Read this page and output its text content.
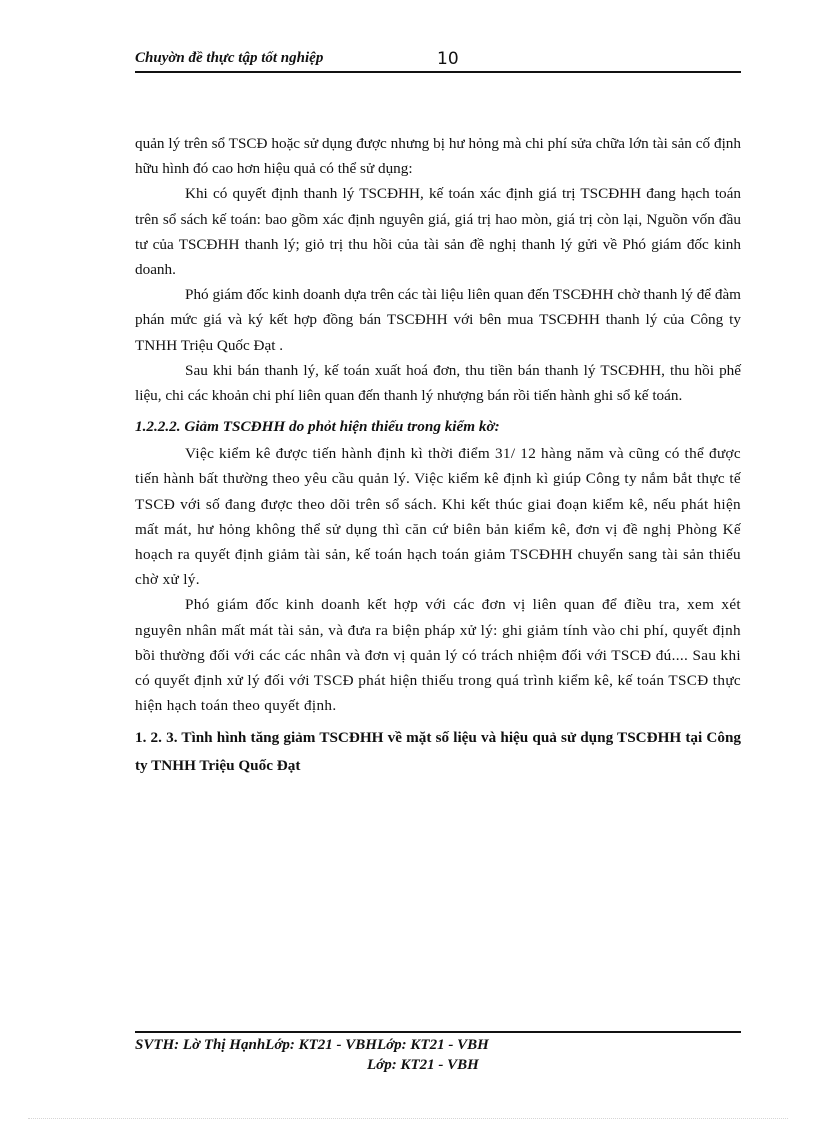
Chuyờn đề thực tập tốt nghiệp	10

quản lý trên sổ TSCĐ hoặc sử dụng được nhưng bị hư hỏng mà chi phí sửa chữa lớn tài sản cố định hữu hình đó cao hơn hiệu quả có thể sử dụng:

Khi có quyết định thanh lý TSCĐHH, kế toán xác định giá trị TSCĐHH đang hạch toán trên sổ sách kế toán: bao gồm xác định nguyên giá, giá trị hao mòn, giá trị còn lại, Nguồn vốn đầu tư của TSCĐHH thanh lý; giỏ trị thu hồi của tài sản đề nghị thanh lý gửi về Phó giám đốc kinh doanh.

Phó giám đốc kinh doanh dựa trên các tài liệu liên quan đến TSCĐHH chờ thanh lý để đàm phán mức giá và ký kết hợp đồng bán TSCĐHH với bên mua TSCĐHH thanh lý của Công ty TNHH Triệu Quốc Đạt .

Sau khi bán thanh lý, kế toán xuất hoá đơn, thu tiền bán thanh lý TSCĐHH, thu hồi phế liệu, chi các khoản chi phí liên quan đến thanh lý nhượng bán rồi tiến hành ghi sổ kế toán.

1.2.2.2. Giảm TSCĐHH do phỏt hiện thiếu trong kiểm kờ:

Việc kiểm kê được tiến hành định kì thời điểm 31/ 12 hàng năm và cũng có thể được tiến hành bất thường theo yêu cầu quản lý. Việc kiểm kê định kì giúp Công ty nắm bắt thực tế TSCĐ với số đang được theo dõi trên sổ sách. Khi kết thúc giai đoạn kiểm kê, nếu phát hiện mất mát, hư hỏng không thể sử dụng thì căn cứ biên bản kiểm kê, đơn vị đề nghị Phòng Kế hoạch ra quyết định giảm tài sản, kế toán hạch toán giảm TSCĐHH chuyển sang tài sản thiếu chờ xử lý.

Phó giám đốc kinh doanh kết hợp với các đơn vị liên quan để điều tra, xem xét nguyên nhân mất mát tài sản, và đưa ra biện pháp xử lý: ghi giảm tính vào chi phí, quyết định bồi thường đối với các các nhân và đơn vị quản lý có trách nhiệm đối với TSCĐ đú.... Sau khi có quyết định xử lý đối với TSCĐ phát hiện thiếu trong quá trình kiểm kê, kế toán TSCĐ thực hiện hạch toán theo quyết định.

1. 2. 3. Tình hình tăng giảm TSCĐHH về mặt số liệu và hiệu quả sử dụng TSCĐHH tại Công ty TNHH Triệu Quốc Đạt

SVTH: Lờ Thị HạnhLớp: KT21 - VBHLớp: KT21 - VBH
Lớp: KT21 - VBH
